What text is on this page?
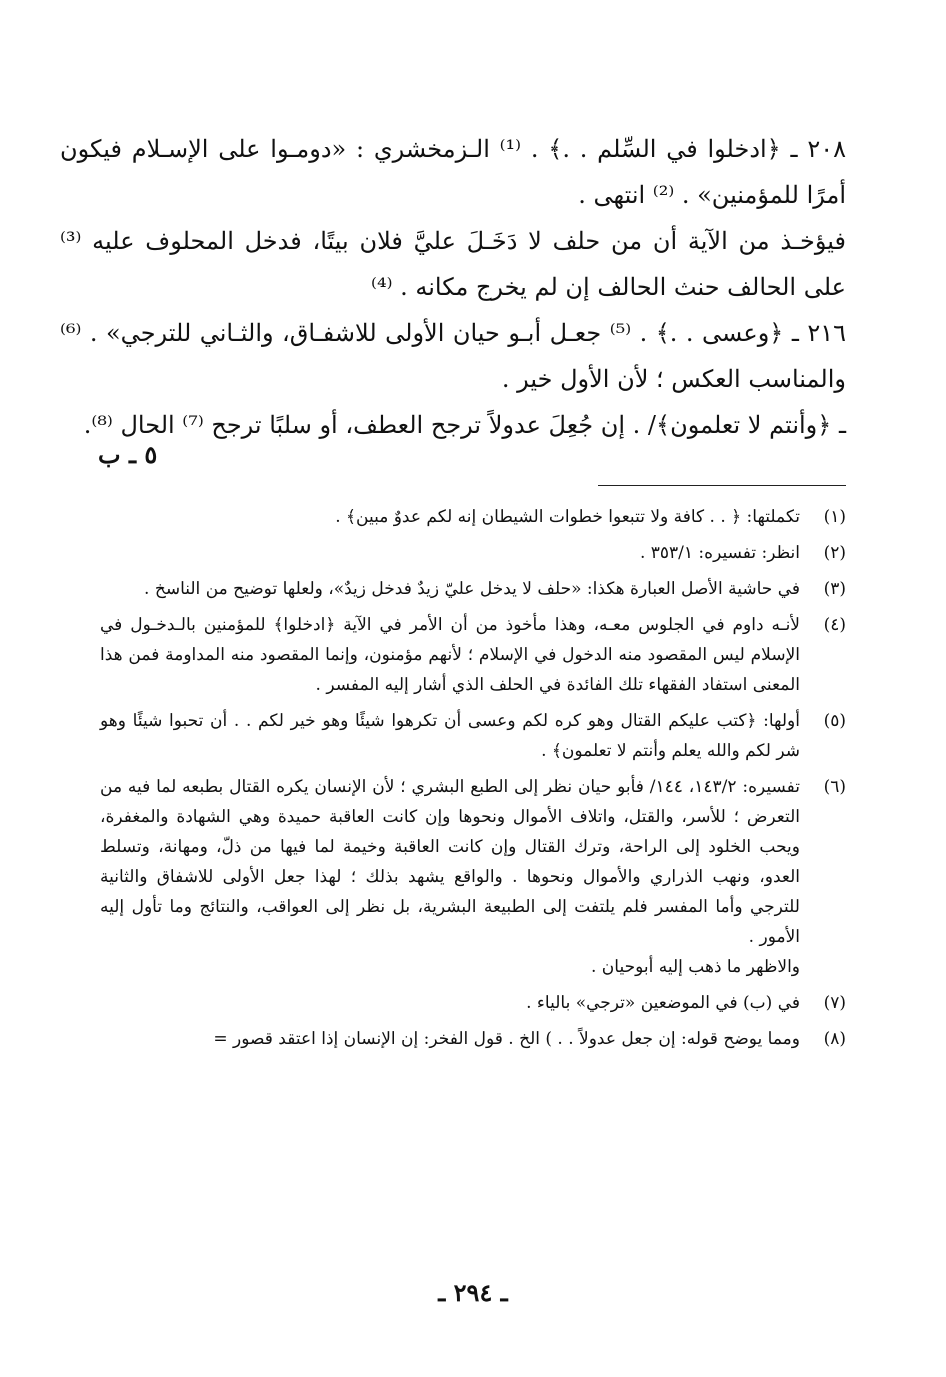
٢٠٨ ـ ﴿ادخلوا في السِّلم . .﴾ . ⁽¹⁾ الـزمخشري : «دومـوا على الإسـلام فيكون أمرًا للمؤمنين» . ⁽²⁾ انتهى .

فيؤخـذ من الآية أن من حلف لا دَخَـلَ عليَّ فلان بيتًا، فدخل المحلوف عليه ⁽³⁾ على الحالف حنث الحالف إن لم يخرج مكانه . ⁽⁴⁾

٢١٦ ـ ﴿وعسى . .﴾ . ⁽⁵⁾ جعـل أبـو حيان الأولى للاشفـاق، والثـاني للترجي» . ⁽⁶⁾ والمناسب العكس ؛ لأن الأول خير .

ـ ﴿وأنتم لا تعلمون﴾/ . إن جُعِلَ عدولاً ترجح العطف، أو سلبًا ترجح ⁽⁷⁾ الحال ⁽⁸⁾.

٥ ـ ب
(١)
تكملتها: ﴿ . . كافة ولا تتبعوا خطوات الشيطان إنه لكم عدوٌ مبين﴾ .
(٢)
انظر: تفسيره: ٣٥٣/١ .
(٣)
في حاشية الأصل العبارة هكذا: «حلف لا يدخل عليّ زيدٌ فدخل زيدٌ»، ولعلها توضيح من الناسخ .
(٤)
لأنـه داوم في الجلوس معـه، وهذا مأخوذ من أن الأمر في الآية ﴿ادخلوا﴾ للمؤمنين بالـدخـول في الإسلام ليس المقصود منه الدخول في الإسلام ؛ لأنهم مؤمنون، وإنما المقصود منه المداومة فمن هذا المعنى استفاد الفقهاء تلك الفائدة في الحلف الذي أشار إليه المفسر .
(٥)
أولها: ﴿كتب عليكم القتال وهو كره لكم وعسى أن تكرهوا شيئًا وهو خير لكم . . أن تحبوا شيئًا وهو شر لكم والله يعلم وأنتم لا تعلمون﴾ .
(٦)
تفسيره: ١٤٣/٢، ١٤٤/ فأبو حيان نظر إلى الطبع البشري ؛ لأن الإنسان يكره القتال بطبعه لما فيه من التعرض ؛ للأسر، والقتل، واتلاف الأموال ونحوها وإن كانت العاقبة حميدة وهي الشهادة والمغفرة، ويحب الخلود إلى الراحة، وترك القتال وإن كانت العاقبة وخيمة لما فيها من ذلّ، ومهانة، وتسلط العدو، ونهب الذراري والأموال ونحوها . والواقع يشهد بذلك ؛ لهذا جعل الأولى للاشفاق والثانية للترجي وأما المفسر فلم يلتفت إلى الطبيعة البشرية، بل نظر إلى العواقب، والنتائج وما تأول إليه الأمور .
والاظهر ما ذهب إليه أبوحيان .
(٧)
في (ب) في الموضعين «ترجي» بالياء .
(٨)
ومما يوضح قوله: إن جعل عدولاً . . ) الخ . قول الفخر: إن الإنسان إذا اعتقد قصور =
ـ ٢٩٤ ـ
